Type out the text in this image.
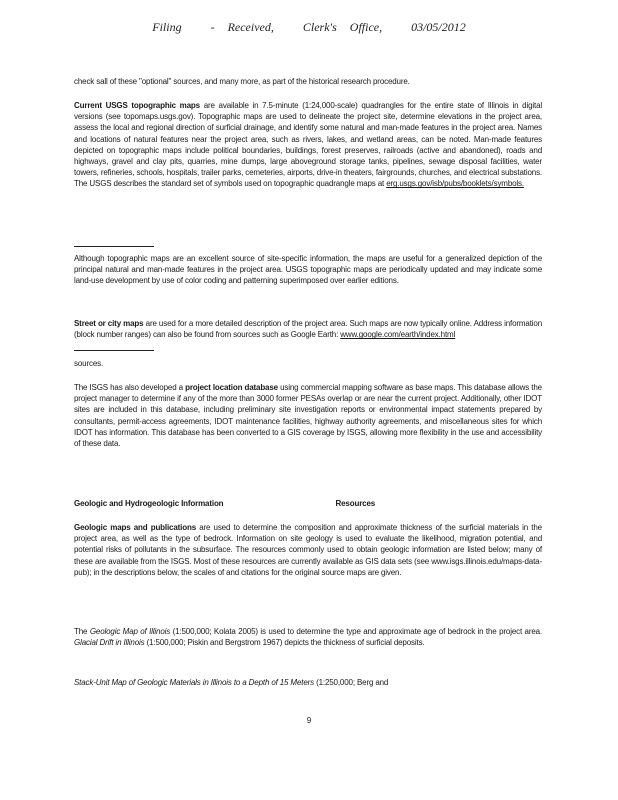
Filing - Received, Clerk's Office, 03/05/2012
check sall of these "optional" sources, and many more, as part of the historical research procedure.
Current USGS topographic maps are available in 7.5-minute (1:24,000-scale) quadrangles for the entire state of Illinois in digital versions (see topomaps.usgs.gov). Topographic maps are used to delineate the project site, determine elevations in the project area, assess the local and regional direction of surficial drainage, and identify some natural and man-made features in the project area. Names and locations of natural features near the project area, such as rivers, lakes, and wetland areas, can be noted. Man-made features depicted on topographic maps include political boundaries, buildings, forest preserves, railroads (active and abandoned), roads and highways, gravel and clay pits, quarries, mine dumps, large aboveground storage tanks, pipelines, sewage disposal facilities, water towers, refineries, schools, hospitals, trailer parks, cemeteries, airports, drive-in theaters, fairgrounds, churches, and electrical substations. The USGS describes the standard set of symbols used on topographic quadrangle maps at erg.usgs.gov/isb/pubs/booklets/symbols.
Although topographic maps are an excellent source of site-specific information, the maps are useful for a generalized depiction of the principal natural and man-made features in the project area. USGS topographic maps are periodically updated and may indicate some land-use development by use of color coding and patterning superimposed over earlier editions.
Street or city maps are used for a more detailed description of the project area. Such maps are now typically online. Address information (block number ranges) can also be found from sources such as Google Earth: www.google.com/earth/index.html
sources.
The ISGS has also developed a project location database using commercial mapping software as base maps. This database allows the project manager to determine if any of the more than 3000 former PESAs overlap or are near the current project. Additionally, other IDOT sites are included in this database, including preliminary site investigation reports or environmental impact statements prepared by consultants, permit-access agreements, IDOT maintenance facilities, highway authority agreements, and miscellaneous sites for which IDOT has information. This database has been converted to a GIS coverage by ISGS, allowing more flexibility in the use and accessibility of these data.
Geologic and Hydrogeologic Information	Resources
Geologic maps and publications are used to determine the composition and approximate thickness of the surficial materials in the project area, as well as the type of bedrock. Information on site geology is used to evaluate the likelihood, migration potential, and potential risks of pollutants in the subsurface. The resources commonly used to obtain geologic information are listed below; many of these are available from the ISGS. Most of these resources are currently available as GIS data sets (see www.isgs.illinois.edu/maps-data-pub); in the descriptions below, the scales of and citations for the original source maps are given.
The Geologic Map of Illinois (1:500,000; Kolata 2005) is used to determine the type and approximate age of bedrock in the project area. Glacial Drift in Illinois (1:500,000; Piskin and Bergstrom 1967) depicts the thickness of surficial deposits.
Stack-Unit Map of Geologic Materials in Illinois to a Depth of 15 Meters (1:250,000; Berg and
9
